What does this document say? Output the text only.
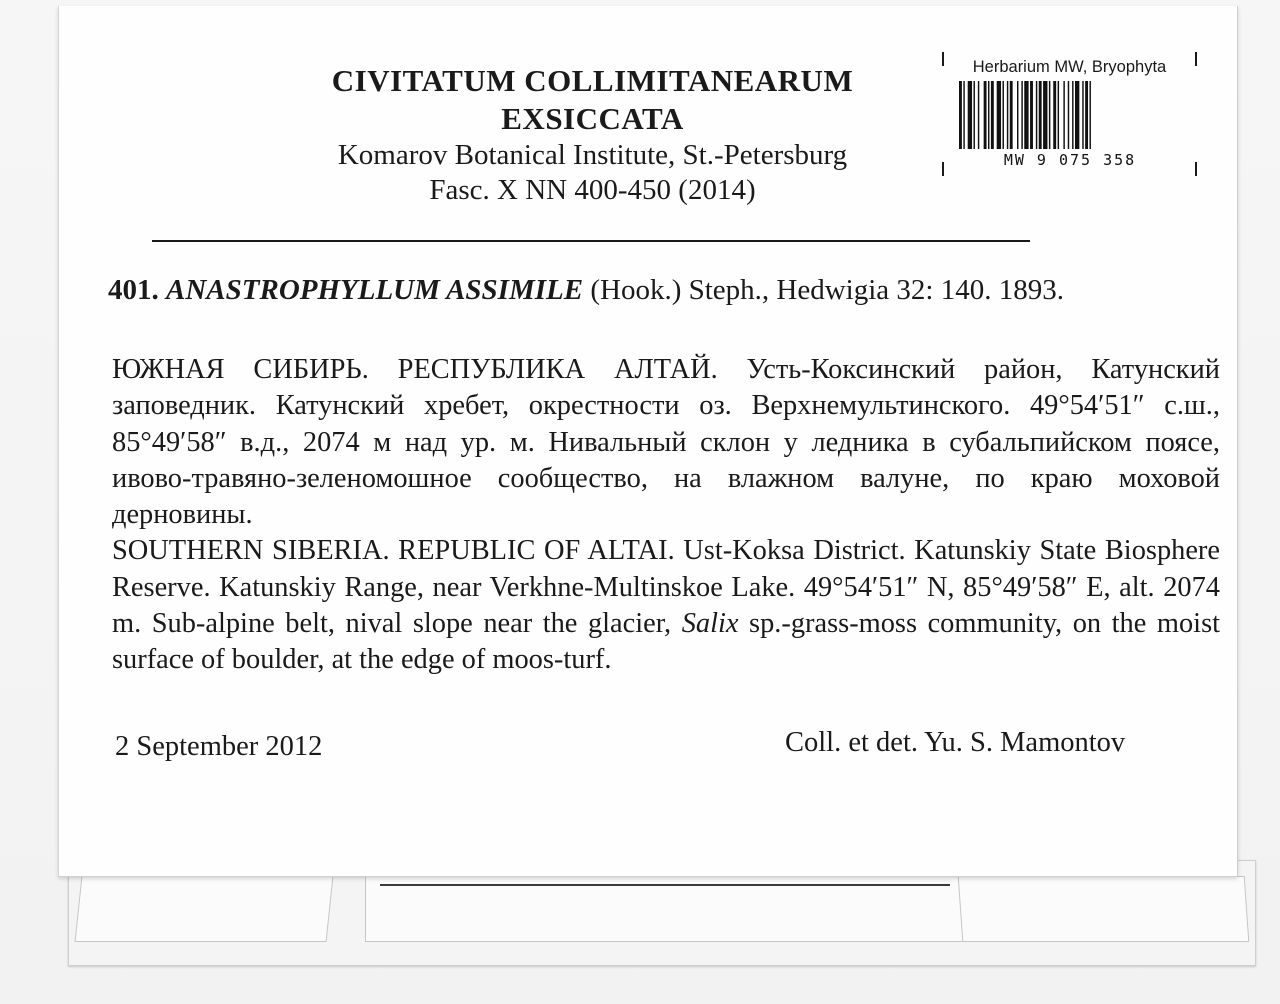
CIVITATUM COLLIMITANEARUM
EXSICCATA
Komarov Botanical Institute, St.-Petersburg
Fasc. X NN 400-450 (2014)
Herbarium MW, Bryophyta
MW 9 075 358
401. ANASTROPHYLLUM ASSIMILE (Hook.) Steph., Hedwigia 32: 140. 1893.

ЮЖНАЯ СИБИРЬ. РЕСПУБЛИКА АЛТАЙ. Усть-Коксинский район, Катунский заповедник. Катунский хребет, окрестности оз. Верхнемультинского. 49°54′51″ с.ш., 85°49′58″ в.д., 2074 м над ур. м. Нивальный склон у ледника в субальпийском поясе, ивово-травяно-зеленомошное сообщество, на влажном валуне, по краю моховой дерновины.

SOUTHERN SIBERIA. REPUBLIC OF ALTAI. Ust-Koksa District. Katunskiy State Biosphere Reserve. Katunskiy Range, near Verkhne-Multinskoe Lake. 49°54′51″ N, 85°49′58″ E, alt. 2074 m. Sub-alpine belt, nival slope near the glacier, Salix sp.-grass-moss community, on the moist surface of boulder, at the edge of moos-turf.

2 September 2012	Coll. et det. Yu. S. Mamontov
